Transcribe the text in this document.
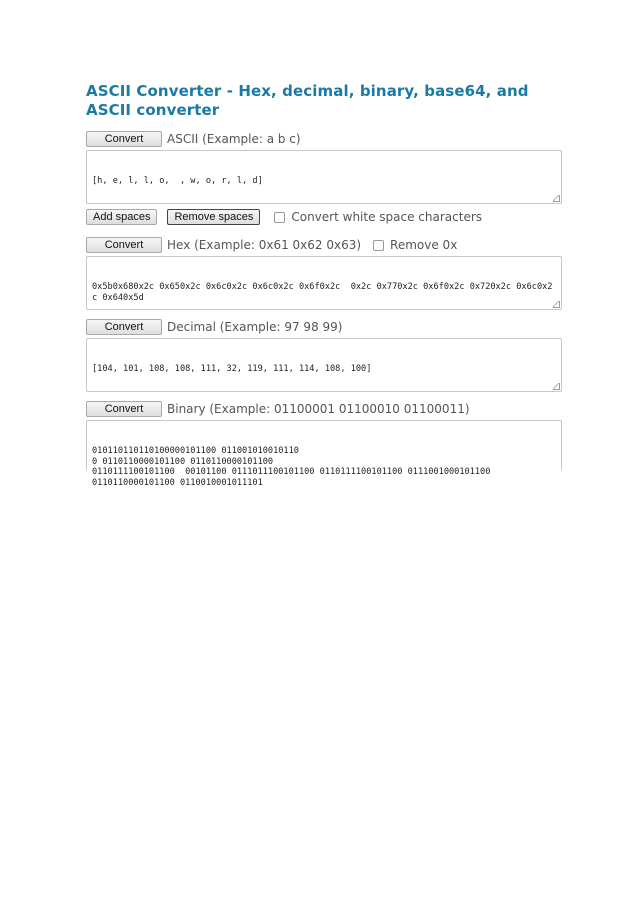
ASCII Converter - Hex, decimal, binary, base64, and ASCII converter
Convert	ASCII (Example: a b c)

[h, e, l, l, o,  , w, o, r, l, d]

Add spaces	Remove spaces	Convert white space characters
Convert	Hex (Example: 0x61 0x62 0x63) Remove 0x

0x5b0x680x2c 0x650x2c 0x6c0x2c 0x6c0x2c 0x6f0x2c  0x2c 0x770x2c 0x6f0x2c 0x720x2c 0x6c0x2c 0x640x5d

Convert	Decimal (Example: 97 98 99)

[104, 101, 108, 108, 111, 32, 119, 111, 114, 108, 100]

Convert	Binary (Example: 01100001 01100010 01100011)

010110110110100000101100 011001010010110
0 0110110000101100 0110110000101100
0110111100101100  00101100 0111011100101100 0110111100101100 0111001000101100
0110110000101100 0110010001011101
